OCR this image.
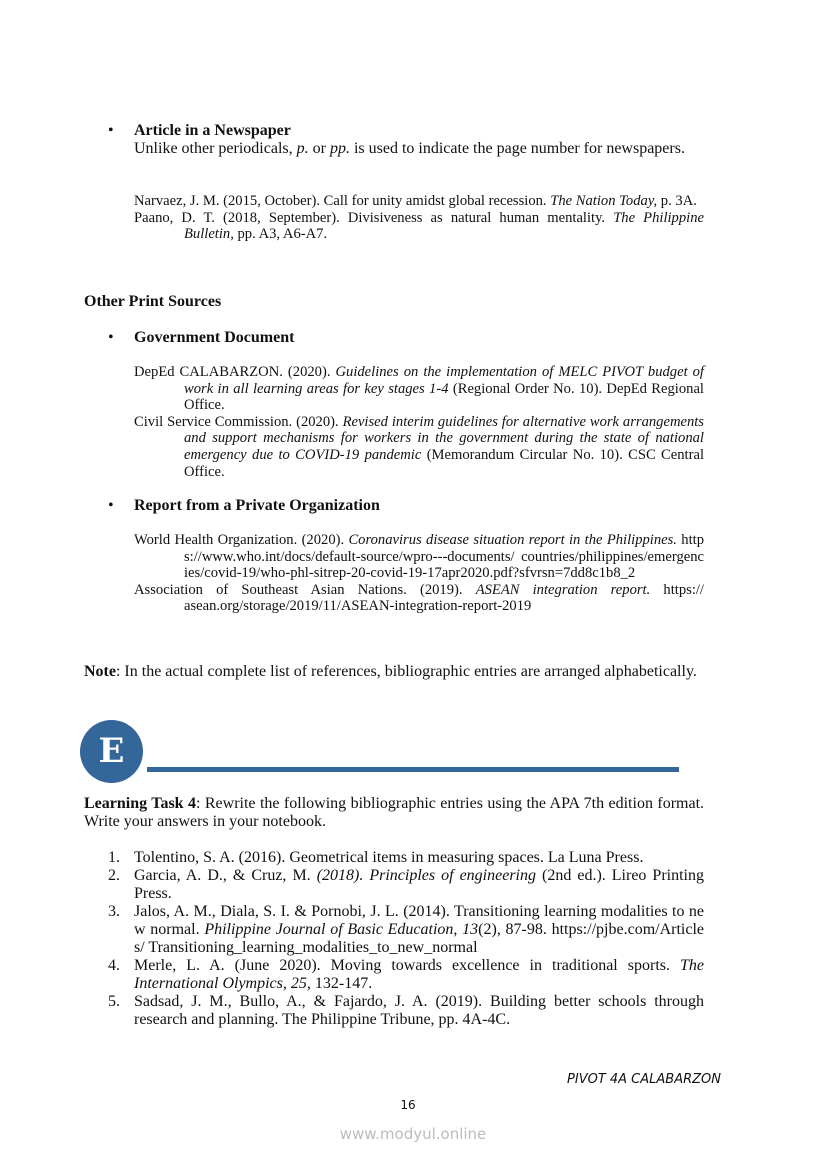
• Article in a Newspaper
Unlike other periodicals, p. or pp. is used to indicate the page number for newspapers.

Narvaez, J. M. (2015, October). Call for unity amidst global recession. The Nation Today, p. 3A.

Paano, D. T. (2018, September). Divisiveness as natural human mentality. The Philippine Bulletin, pp. A3, A6-A7.

Other Print Sources
• Government Document

DepEd CALABARZON. (2020). Guidelines on the implementation of MELC PIVOT budget of work in all learning areas for key stages 1-4 (Regional Order No. 10). DepEd Regional Office.

Civil Service Commission. (2020). Revised interim guidelines for alternative work arrangements and support mechanisms for workers in the government during the state of national emergency due to COVID-19 pandemic (Memorandum Circular No. 10). CSC Central Office.

• Report from a Private Organization

World Health Organization. (2020). Coronavirus disease situation report in the Philippines. https://www.who.int/docs/default-source/wpro---documents/ countries/philippines/emergencies/covid-19/who-phl-sitrep-20-covid-19-17apr2020.pdf?sfvrsn=7dd8c1b8_2

Association of Southeast Asian Nations. (2019). ASEAN integration report. https:// asean.org/storage/2019/11/ASEAN-integration-report-2019

Note: In the actual complete list of references, bibliographic entries are arranged alphabetically.
E
Learning Task 4: Rewrite the following bibliographic entries using the APA 7th edition format. Write your answers in your notebook.
1. Tolentino, S. A. (2016). Geometrical items in measuring spaces. La Luna Press.
2. Garcia, A. D., & Cruz, M. (2018). Principles of engineering (2nd ed.). Lireo Printing Press.
3. Jalos, A. M., Diala, S. I. & Pornobi, J. L. (2014). Transitioning learning modalities to new normal. Philippine Journal of Basic Education, 13(2), 87-98. https://pjbe.com/Articles/ Transitioning_learning_modalities_to_new_normal
4. Merle, L. A. (June 2020). Moving towards excellence in traditional sports. The International Olympics, 25, 132-147.
5. Sadsad, J. M., Bullo, A., & Fajardo, J. A. (2019). Building better schools through research and planning. The Philippine Tribune, pp. 4A-4C.
PIVOT 4A CALABARZON
16
www.modyul.online
